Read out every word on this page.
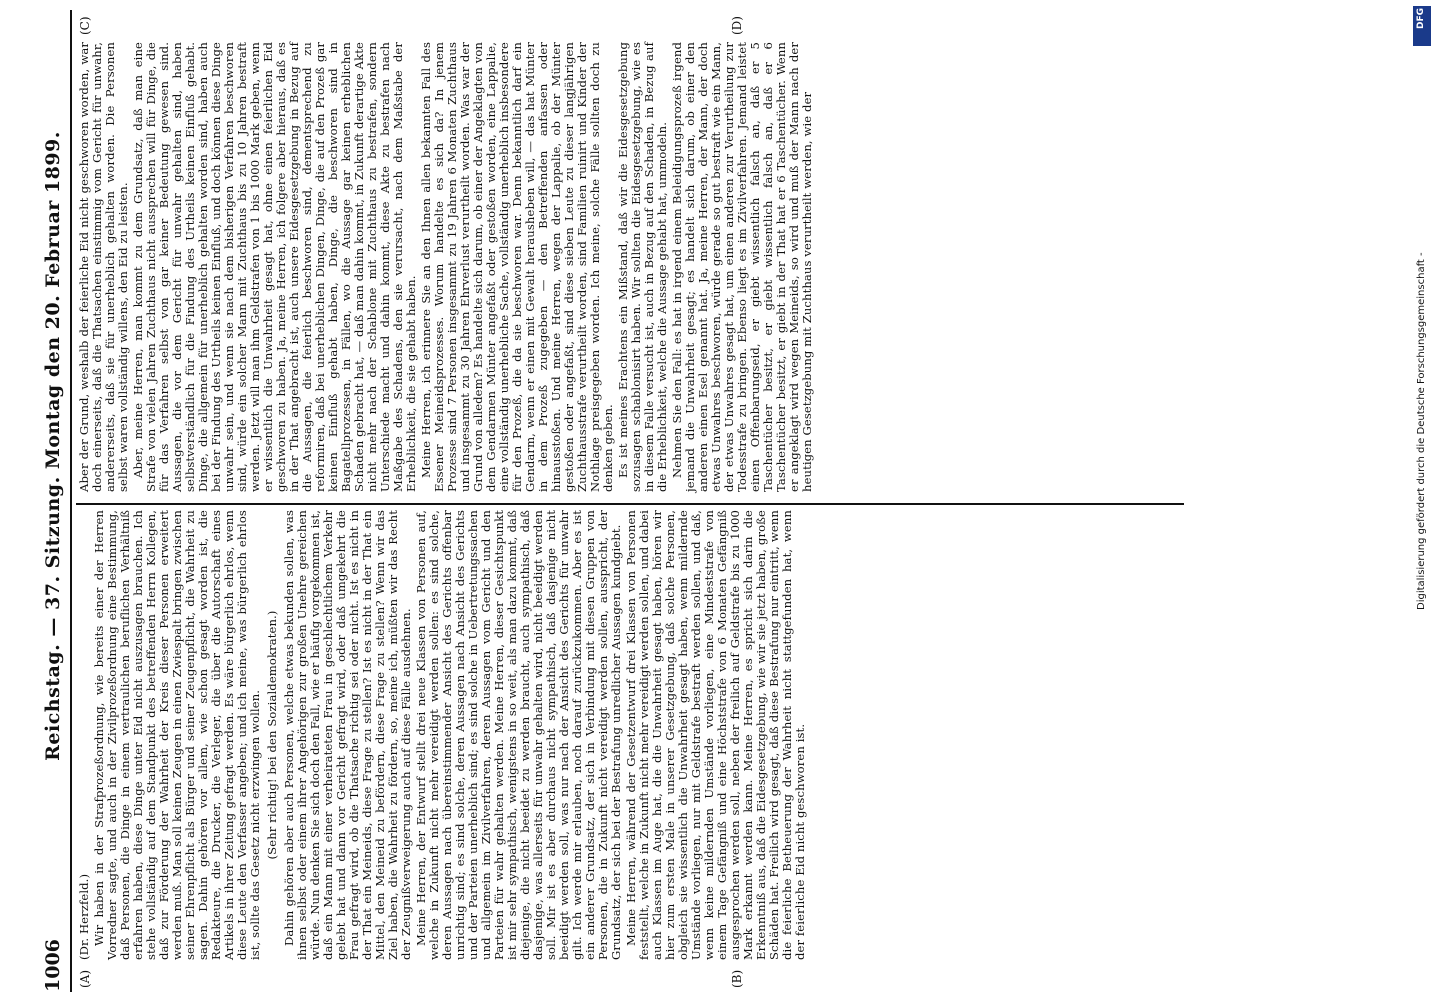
1006
Reichstag. — 37. Sitzung. Montag den 20. Februar 1899.
(A)	(B)
(C)	(D)

(Dr. Herzfeld.) Wir haben in der Strafprozeßordnung, wie bereits einer der Herren Vorredner sagte, und auch in der Zivilprozeßordnung eine Bestimmung, daß Personen, die Dinge in einem vertraulichen beruflichen Verhältniß erfahren haben, diese Dinge unter Eid nicht auszusagen brauchen. Ich stehe vollständig auf dem Standpunkt des betreffenden Herrn Kollegen, daß zur Förderung der Wahrheit der Kreis dieser Personen erweitert werden muß. Man soll keinen Zeugen in einen Zwiespalt bringen zwischen seiner Ehrenpflicht als Bürger und seiner Zeugenpflicht, die Wahrheit zu sagen. Dahin gehören vor allem, wie schon gesagt worden ist, die Redakteure, die Drucker, die Verleger, die über die Autorschaft eines Artikels in ihrer Zeitung gefragt werden. Es wäre bürgerlich ehrlos, wenn diese Leute den Verfasser angeben; und ich meine, was bürgerlich ehrlos ist, sollte das Gesetz nicht erzwingen wollen. (Sehr richtig! bei den Sozialdemokraten.) Dahin gehören aber auch Personen, welche etwas bekunden sollen, was ihnen selbst oder einem ihrer Angehörigen zur großen Unehre gereichen würde. Nun denken Sie sich doch den Fall, wie er häufig vorgekommen ist, daß ein Mann mit einer verheirateten Frau in geschlechtlichem Verkehr gelebt hat und dann vor Gericht gefragt wird, oder daß umgekehrt die Frau gefragt wird, ob die Thatsache richtig sei oder nicht. Ist es nicht in der That ein Meineids, diese Frage zu stellen? Ist es nicht in der That ein Mittel, den Meineid zu befördern, diese Frage zu stellen? Wenn wir das Ziel haben, die Wahrheit zu fördern, so, meine ich, müßten wir das Recht der Zeugnißverweigerung auch auf diese Fälle ausdehnen. Meine Herren, der Entwurf stellt drei neue Klassen von Personen auf, welche in Zukunft nicht mehr vereidigt werden sollen: es sind solche, deren Aussagen nach übereinstimmender Ansicht des Gerichts offenbar unrichtig sind; es sind solche, deren Aussagen nach Ansicht des Gerichts und der Parteien unerheblich sind; es sind solche in Uebertretungssachen und allgemein im Zivilverfahren, deren Aussagen vom Gericht und den Parteien für wahr gehalten werden. Meine Herren, dieser Gesichtspunkt ist mir sehr sympathisch, wenigstens in so weit, als man dazu kommt, daß diejenige, die nicht beeidet zu werden braucht, auch sympathisch, daß dasjenige, was allerseits für unwahr gehalten wird, nicht beeidigt werden soll. Mir ist es aber durchaus nicht sympathisch, daß dasjenige nicht beeidigt werden soll, was nur nach der Ansicht des Gerichts für unwahr gilt. Ich werde mir erlauben, noch darauf zurückzukommen. Aber es ist ein anderer Grundsatz, der sich in Verbindung mit diesen Gruppen von Personen, die in Zukunft nicht vereidigt werden sollen, ausspricht, der Grundsatz, der sich bei der Bestrafung unredlicher Aussagen kundgiebt. Meine Herren, während der Gesetzentwurf drei Klassen von Personen feststellt, welche in Zukunft nicht mehr vereidigt werden sollen, und dabei auch Klassen im Auge hat, die die Unwahrheit gesagt haben, hören wir hier zum ersten Male in unserer Gesetzgebung, daß solche Personen, obgleich sie wissentlich die Unwahrheit gesagt haben, wenn mildernde Umstände vorliegen, nur mit Geldstrafe bestraft werden sollen, und daß, wenn keine mildernden Umstände vorliegen, eine Mindeststrafe von einem Tage Gefängniß und eine Höchststrafe von 6 Monaten Gefängniß ausgesprochen werden soll, neben der freilich auf Geldstrafe bis zu 1000 Mark erkannt werden kann. Meine Herren, es spricht sich darin die Erkenntniß aus, daß die Eidesgesetzgebung, wie wir sie jetzt haben, große Schäden hat. Freilich wird gesagt, daß diese Bestrafung nur eintritt, wenn die feierliche Betheuerung der Wahrheit nicht stattgefunden hat, wenn der feierliche Eid nicht geschworen ist.

Aber der Grund, weshalb der feierliche Eid nicht geschworen worden, war doch einerseits, daß die Thatsachen einstimmig vom Gericht für unwahr, andererseits, daß sie für unerheblich gehalten worden. Die Personen selbst waren vollständig willens, den Eid zu leisten. Aber, meine Herren, man kommt zu dem Grundsatz, daß man eine Strafe von vielen Jahren Zuchthaus nicht aussprechen will für Dinge, die für das Verfahren selbst von gar keiner Bedeutung gewesen sind. Aussagen, die vor dem Gericht für unwahr gehalten sind, haben selbstverständlich für die Findung des Urtheils keinen Einfluß gehabt. Dinge, die allgemein für unerheblich gehalten worden sind, haben auch bei der Findung des Urtheils keinen Einfluß, und doch können diese Dinge unwahr sein, und wenn sie nach dem bisherigen Verfahren beschworen sind, würde ein solcher Mann mit Zuchthaus bis zu 10 Jahren bestraft werden. Jetzt will man ihm Geldstrafen von 1 bis 1000 Mark geben, wenn er wissentlich die Unwahrheit gesagt hat, ohne einen feierlichen Eid geschworen zu haben. Ja, meine Herren, ich folgere aber hieraus, daß es in der That angebracht ist, auch unsere Eidesgesetzgebung in Bezug auf die Aussagen, die feierlich beschworen sind, dementsprechend zu reformiren, daß bei unerheblichen Dingen, Dinge, die auf den Prozeß gar keinen Einfluß gehabt haben, Dinge, die beschworen sind in Bagatellprozessen, in Fällen, wo die Aussage gar keinen erheblichen Schaden gebracht hat, — daß man dahin kommt, in Zukunft derartige Akte nicht mehr nach der Schablone mit Zuchthaus zu bestrafen, sondern Unterschiede macht und dahin kommt, diese Akte zu bestrafen nach Maßgabe des Schadens, den sie verursacht, nach dem Maßstabe der Erheblichkeit, die sie gehabt haben. Meine Herren, ich erinnere Sie an den Ihnen allen bekannten Fall des Essener Meineidsprozesses. Worum handelte es sich da? In jenem Prozesse sind 7 Personen insgesammt zu 19 Jahren 6 Monaten Zuchthaus und insgesammt zu 30 Jahren Ehrverlust verurtheilt worden. Was war der Grund von alledem? Es handelte sich darum, ob einer der Angeklagten von dem Gendarmen Münter angefaßt oder gestoßen worden, eine Lappalie, eine vollständig unerhebliche Sache, vollständig unerheblich insbesondere für den Prozeß, die da sie beschworen war. Denn bekanntlich darf ein Gendarm, wenn er einen mit Gewalt herausheben will, — das hat Münter in dem Prozeß zugegeben — den Betreffenden anfassen oder hinausstoßen. Und meine Herren, wegen der Lappalie, ob der Münter gestoßen oder angefaßt, sind diese sieben Leute zu dieser langjährigen Zuchthausstrafe verurtheilt worden, sind Familien ruinirt und Kinder der Nothlage preisgegeben worden. Ich meine, solche Fälle sollten doch zu denken geben. Es ist meines Erachtens ein Mißstand, daß wir die Eidesgesetzgebung sozusagen schablonisirt haben. Wir sollten die Eidesgesetzgebung, wie es in diesem Falle versucht ist, auch in Bezug auf den Schaden, in Bezug auf die Erheblichkeit, welche die Aussage gehabt hat, ummodeln. Nehmen Sie den Fall: es hat in irgend einem Beleidigungsprozeß irgend jemand die Unwahrheit gesagt; es handelt sich darum, ob einer den anderen einen Esel genannt hat. Ja, meine Herren, der Mann, der doch etwas Unwahres beschworen, würde gerade so gut bestraft wie ein Mann, der etwas Unwahres gesagt hat, um einen anderen zur Verurtheilung zur Todesstrafe zu bringen. Ebenso liegt es im Zivilverfahren. Jemand leistet einen Offenbarungseid, er giebt wissentlich falsch an, daß er 5 Taschentücher besitzt, er giebt wissentlich falsch an, daß er 6 Taschentücher besitzt, er giebt in der That hat er 6 Taschentücher. Wenn er angeklagt wird wegen Meineids, so wird und muß der Mann nach der heutigen Gesetzgebung mit Zuchthaus verurtheilt werden, wie der

DFG
Digitalisierung gefördert durch die Deutsche Forschungsgemeinschaft -
